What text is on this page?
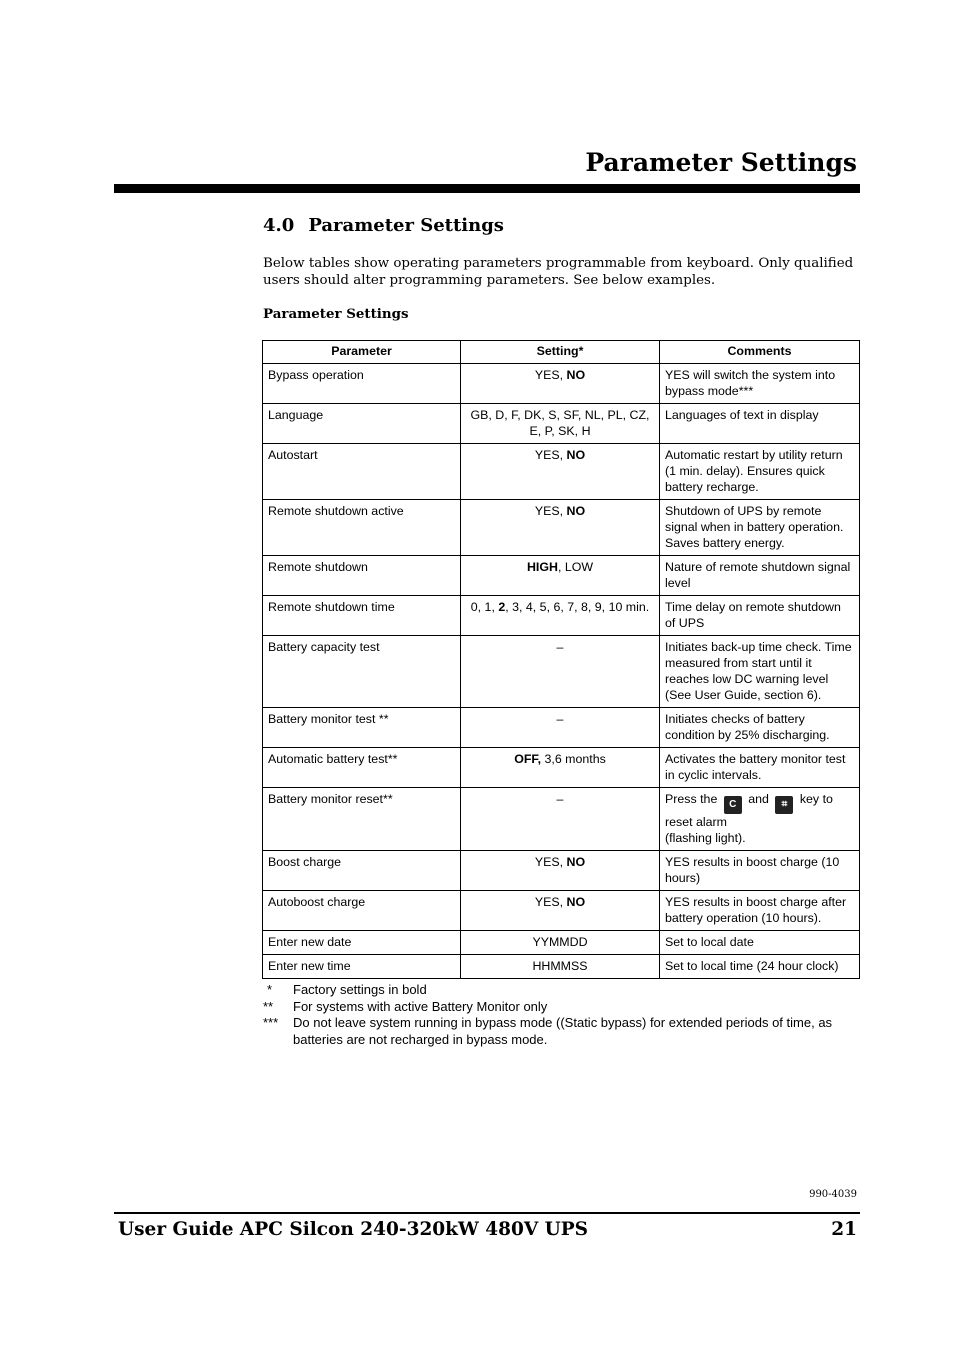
Parameter Settings
4.0 Parameter Settings

Below tables show operating parameters programmable from keyboard. Only qualified users should alter programming parameters. See below examples.

Parameter Settings

Parameter	Setting*	Comments
Bypass operation	YES, NO	YES will switch the system into bypass mode***
Language	GB, D, F, DK, S, SF, NL, PL, CZ, E, P, SK, H	Languages of text in display
Autostart	YES, NO	Automatic restart by utility return (1 min. delay). Ensures quick battery recharge.
Remote shutdown active	YES, NO	Shutdown of UPS by remote signal when in battery operation. Saves battery energy.
Remote shutdown	HIGH, LOW	Nature of remote shutdown signal level
Remote shutdown time	0, 1, 2, 3, 4, 5, 6, 7, 8, 9, 10 min.	Time delay on remote shutdown of UPS
Battery capacity test	–	Initiates back-up time check. Time measured from start until it reaches low DC warning level (See User Guide, section 6).
Battery monitor test **	–	Initiates checks of battery condition by 25% discharging.
Automatic battery test**	OFF, 3,6 months	Activates the battery monitor test in cyclic intervals.
Battery monitor reset**	–	Press the C and ⌗ key to
reset alarm
(flashing light).
Boost charge	YES, NO	YES results in boost charge (10 hours)
Autoboost charge	YES, NO	YES results in boost charge after battery operation (10 hours).
Enter new date	YYMMDD	Set to local date
Enter new time	HHMMSS	Set to local time (24 hour clock)
*	Factory settings in bold
**	For systems with active Battery Monitor only
***	Do not leave system running in bypass mode ((Static bypass) for extended periods of time, as batteries are not recharged in bypass mode.
990-4039
User Guide APC Silcon 240-320kW 480V UPS	21
